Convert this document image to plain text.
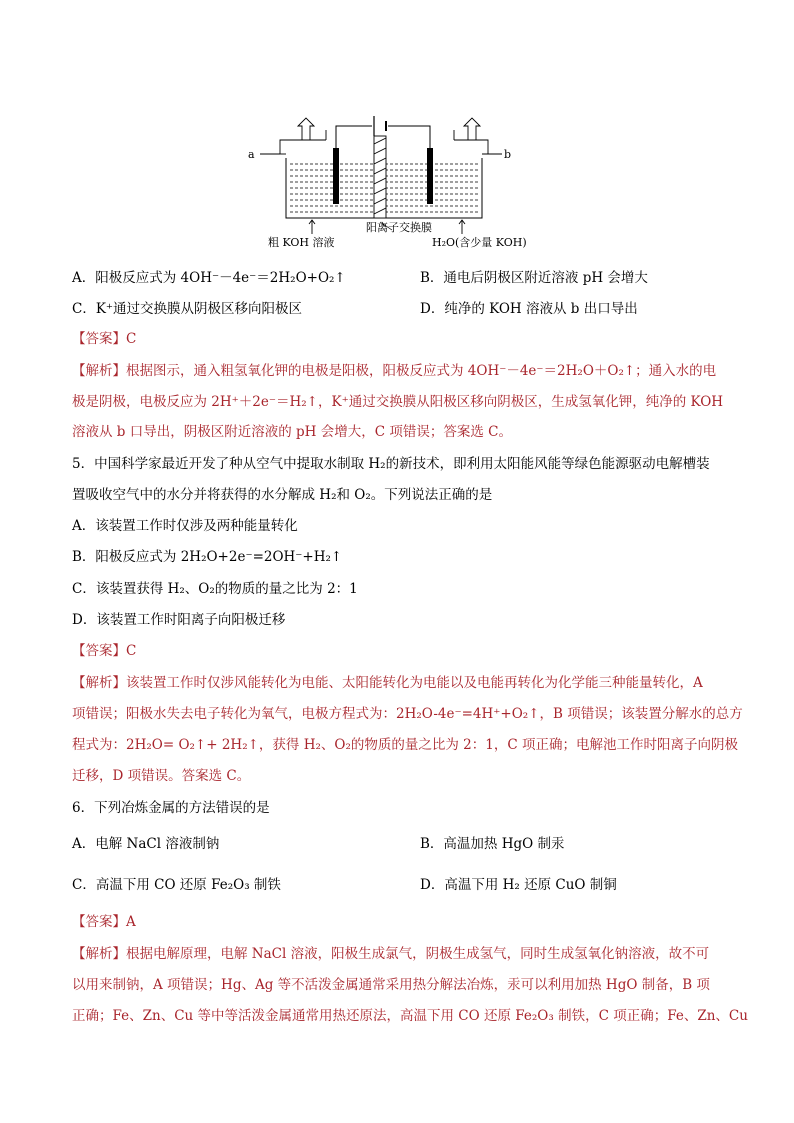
a	b
粗 KOH 溶液
阳离子交换膜
H₂O(含少量 KOH)
A．阳极反应式为 4OH⁻－4e⁻＝2H₂O+O₂↑	B．通电后阴极区附近溶液 pH 会增大
C．K⁺通过交换膜从阴极区移向阳极区	D．纯净的 KOH 溶液从 b 出口导出
【答案】C
【解析】根据图示，通入粗氢氧化钾的电极是阳极，阳极反应式为 4OH⁻－4e⁻＝2H₂O＋O₂↑；通入水的电
极是阴极，电极反应为 2H⁺＋2e⁻＝H₂↑，K⁺通过交换膜从阳极区移向阴极区，生成氢氧化钾，纯净的 KOH
溶液从 b 口导出，阴极区附近溶液的 pH 会增大，C 项错误；答案选 C。
5．中国科学家最近开发了种从空气中提取水制取 H₂的新技术，即利用太阳能风能等绿色能源驱动电解槽装
置吸收空气中的水分并将获得的水分解成 H₂和 O₂。下列说法正确的是
A．该装置工作时仅涉及两种能量转化
B．阳极反应式为 2H₂O+2e⁻=2OH⁻+H₂↑
C．该装置获得 H₂、O₂的物质的量之比为 2：1
D．该装置工作时阳离子向阳极迁移
【答案】C
【解析】该装置工作时仅涉风能转化为电能、太阳能转化为电能以及电能再转化为化学能三种能量转化，A
项错误；阳极水失去电子转化为氧气，电极方程式为：2H₂O-4e⁻=4H⁺+O₂↑，B 项错误；该装置分解水的总方
程式为：2H₂O= O₂↑+ 2H₂↑，获得 H₂、O₂的物质的量之比为 2：1，C 项正确；电解池工作时阳离子向阴极
迁移，D 项错误。答案选 C。
6．下列冶炼金属的方法错误的是
A．电解 NaCl 溶液制钠	B．高温加热 HgO 制汞
C．高温下用 CO 还原 Fe₂O₃ 制铁	D．高温下用 H₂ 还原 CuO 制铜
【答案】A
【解析】根据电解原理，电解 NaCl 溶液，阳极生成氯气，阴极生成氢气，同时生成氢氧化钠溶液，故不可
以用来制钠，A 项错误；Hg、Ag 等不活泼金属通常采用热分解法冶炼，汞可以利用加热 HgO 制备，B 项
正确；Fe、Zn、Cu 等中等活泼金属通常用热还原法，高温下用 CO 还原 Fe₂O₃ 制铁，C 项正确；Fe、Zn、Cu
